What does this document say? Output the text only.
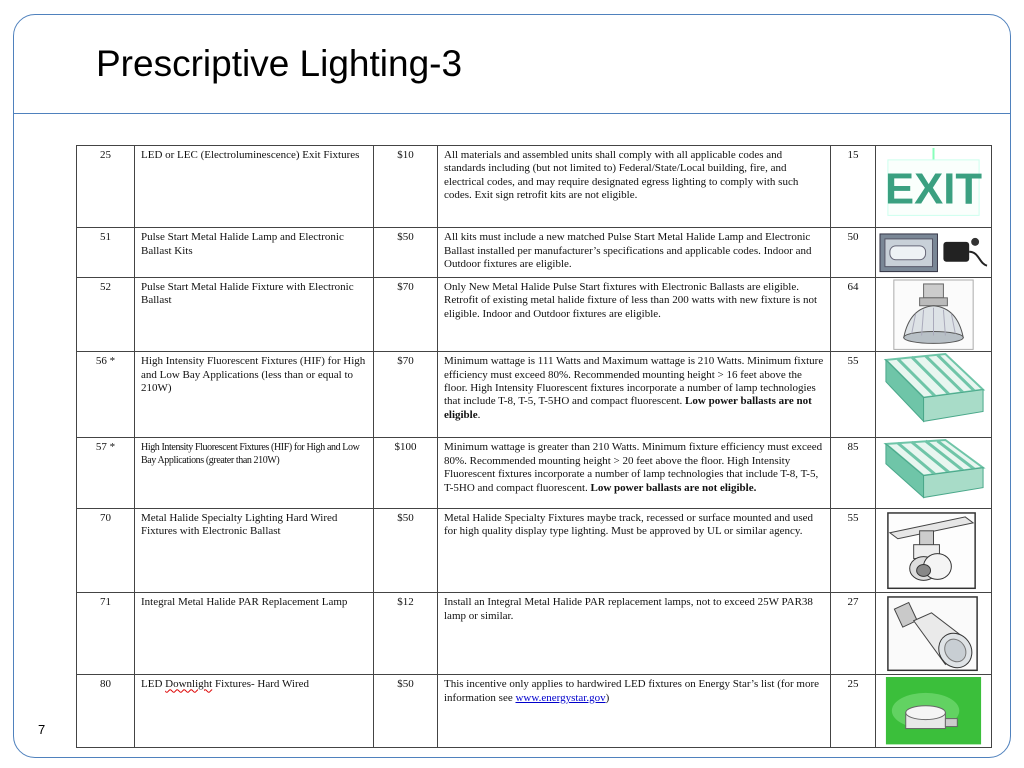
Prescriptive Lighting-3
25	LED or LEC (Electroluminescence) Exit Fixtures	$10	All materials and assembled units shall comply with all applicable codes and standards including (but not limited to) Federal/State/Local building, fire, and electrical codes, and may require designated egress lighting to comply with such codes. Exit sign retrofit kits are not eligible.	15	EXIT

51	Pulse Start Metal Halide Lamp and Electronic Ballast Kits	$50	All kits must include a new matched Pulse Start Metal Halide Lamp and Electronic Ballast installed per manufacturer’s specifications and applicable codes. Indoor and Outdoor fixtures are eligible.	50	

52	Pulse Start Metal Halide Fixture with Electronic Ballast	$70	Only New Metal Halide Pulse Start fixtures with Electronic Ballasts are eligible. Retrofit of existing metal halide fixture of less than 200 watts with new fixture is not eligible. Indoor and Outdoor fixtures are eligible.	64	

56 *	High Intensity Fluorescent Fixtures (HIF) for High and Low Bay Applications (less than or equal to 210W)	$70	Minimum wattage is 111 Watts and Maximum wattage is 210 Watts. Minimum fixture efficiency must exceed 80%. Recommended mounting height > 16 feet above the floor. High Intensity Fluorescent fixtures incorporate a number of lamp technologies that include T-8, T-5, T-5HO and compact fluorescent. Low power ballasts are not eligible.	55	

57 *	High Intensity Fluorescent Fixtures (HIF) for High and Low Bay Applications (greater than 210W)	$100	Minimum wattage is greater than 210 Watts. Minimum fixture efficiency must exceed 80%. Recommended mounting height > 20 feet above the floor. High Intensity Fluorescent fixtures incorporate a number of lamp technologies that include T-8, T-5, T-5HO and compact fluorescent. Low power ballasts are not eligible.	85	

70	Metal Halide Specialty Lighting Hard Wired Fixtures with Electronic Ballast	$50	Metal Halide Specialty Fixtures maybe track, recessed or surface mounted and used for high quality display type lighting. Must be approved by UL or similar agency.	55	

71	Integral Metal Halide PAR Replacement Lamp	$12	Install an Integral Metal Halide PAR replacement lamps, not to exceed 25W PAR38 lamp or similar.	27	

80	LED Downlight Fixtures- Hard Wired	$50	This incentive only applies to hardwired LED fixtures on Energy Star’s list (for more information see www.energystar.gov)	25	
7
